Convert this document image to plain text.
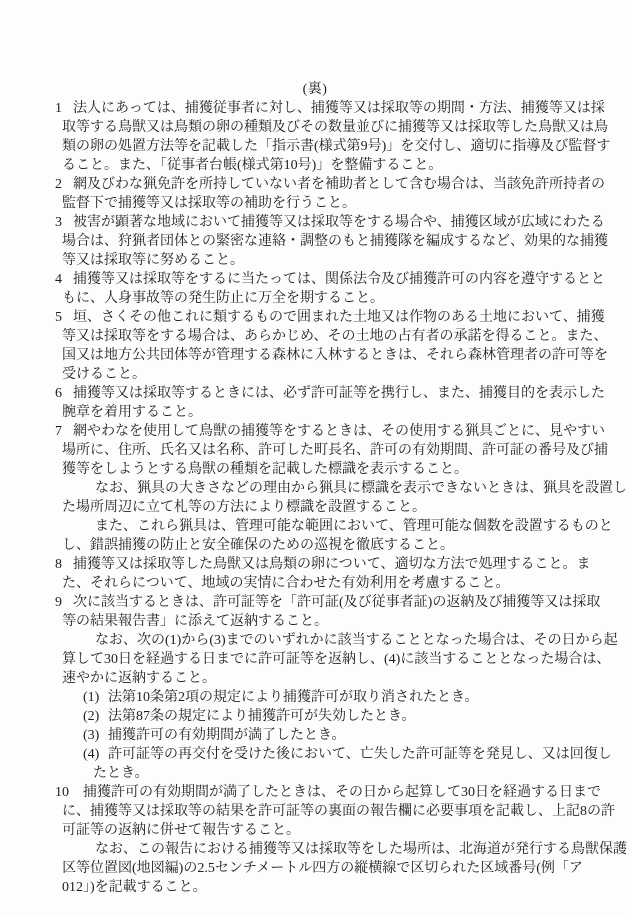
(裏)
1 法人にあっては、捕獲従事者に対し、捕獲等又は採取等の期間・方法、捕獲等又は採
取等する鳥獣又は鳥類の卵の種類及びその数量並びに捕獲等又は採取等した鳥獣又は鳥
類の卵の処置方法等を記載した「指示書(様式第9号)」を交付し、適切に指導及び監督す
ること。また、「従事者台帳(様式第10号)」を整備すること。
2 網及びわな猟免許を所持していない者を補助者として含む場合は、当該免許所持者の
監督下で捕獲等又は採取等の補助を行うこと。
3 被害が顕著な地域において捕獲等又は採取等をする場合や、捕獲区域が広域にわたる
場合は、狩猟者団体との緊密な連絡・調整のもと捕獲隊を編成するなど、効果的な捕獲
等又は採取等に努めること。
4 捕獲等又は採取等をするに当たっては、関係法令及び捕獲許可の内容を遵守するとと
もに、人身事故等の発生防止に万全を期すること。
5 垣、さくその他これに類するもので囲まれた土地又は作物のある土地において、捕獲
等又は採取等をする場合は、あらかじめ、その土地の占有者の承諾を得ること。また、
国又は地方公共団体等が管理する森林に入林するときは、それら森林管理者の許可等を
受けること。
6 捕獲等又は採取等するときには、必ず許可証等を携行し、また、捕獲目的を表示した
腕章を着用すること。
7 網やわなを使用して鳥獣の捕獲等をするときは、その使用する猟具ごとに、見やすい
場所に、住所、氏名又は名称、許可した町長名、許可の有効期間、許可証の番号及び捕
獲等をしようとする鳥獣の種類を記載した標識を表示すること。
なお、猟具の大きさなどの理由から猟具に標識を表示できないときは、猟具を設置し
た場所周辺に立て札等の方法により標識を設置すること。
また、これら猟具は、管理可能な範囲において、管理可能な個数を設置するものと
し、錯誤捕獲の防止と安全確保のための巡視を徹底すること。
8 捕獲等又は採取等した鳥獣又は鳥類の卵について、適切な方法で処理すること。ま
た、それらについて、地域の実情に合わせた有効利用を考慮すること。
9 次に該当するときは、許可証等を「許可証(及び従事者証)の返納及び捕獲等又は採取
等の結果報告書」に添えて返納すること。
なお、次の(1)から(3)までのいずれかに該当することとなった場合は、その日から起
算して30日を経過する日までに許可証等を返納し、(4)に該当することとなった場合は、
速やかに返納すること。
(1) 法第10条第2項の規定により捕獲許可が取り消されたとき。
(2) 法第87条の規定により捕獲許可が失効したとき。
(3) 捕獲許可の有効期間が満了したとき。
(4) 許可証等の再交付を受けた後において、亡失した許可証等を発見し、又は回復し
たとき。
10 捕獲許可の有効期間が満了したときは、その日から起算して30日を経過する日まで
に、捕獲等又は採取等の結果を許可証等の裏面の報告欄に必要事項を記載し、上記8の許
可証等の返納に併せて報告すること。
なお、この報告における捕獲等又は採取等をした場所は、北海道が発行する鳥獣保護
区等位置図(地図編)の2.5センチメートル四方の縦横線で区切られた区域番号(例「ア
012」)を記載すること。
